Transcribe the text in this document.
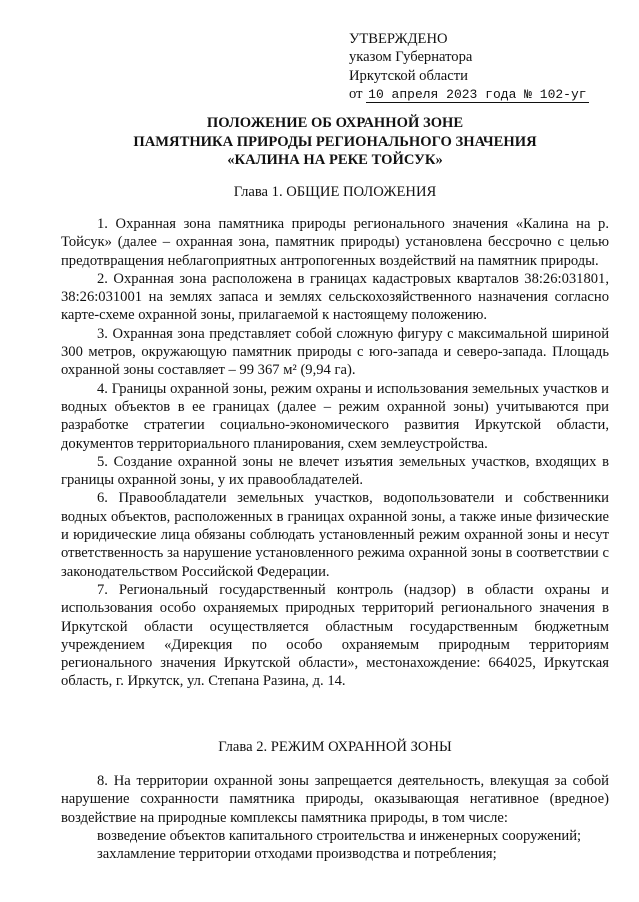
УТВЕРЖДЕНО
указом Губернатора
Иркутской области
от 10 апреля 2023 года № 102-уг
ПОЛОЖЕНИЕ ОБ ОХРАННОЙ ЗОНЕ
ПАМЯТНИКА ПРИРОДЫ РЕГИОНАЛЬНОГО ЗНАЧЕНИЯ
«КАЛИНА НА РЕКЕ ТОЙСУК»
Глава 1. ОБЩИЕ ПОЛОЖЕНИЯ

1. Охранная зона памятника природы регионального значения «Калина на р. Тойсук» (далее – охранная зона, памятник природы) установлена бессрочно с целью предотвращения неблагоприятных антропогенных воздействий на памятник природы.

2. Охранная зона расположена в границах кадастровых кварталов 38:26:031801, 38:26:031001 на землях запаса и землях сельскохозяйственного назначения согласно карте-схеме охранной зоны, прилагаемой к настоящему положению.

3. Охранная зона представляет собой сложную фигуру с максимальной шириной 300 метров, окружающую памятник природы с юго-запада и северо-запада. Площадь охранной зоны составляет – 99 367 м² (9,94 га).

4. Границы охранной зоны, режим охраны и использования земельных участков и водных объектов в ее границах (далее – режим охранной зоны) учитываются при разработке стратегии социально-экономического развития Иркутской области, документов территориального планирования, схем землеустройства.

5. Создание охранной зоны не влечет изъятия земельных участков, входящих в границы охранной зоны, у их правообладателей.

6. Правообладатели земельных участков, водопользователи и собственники водных объектов, расположенных в границах охранной зоны, а также иные физические и юридические лица обязаны соблюдать установленный режим охранной зоны и несут ответственность за нарушение установленного режима охранной зоны в соответствии с законодательством Российской Федерации.

7. Региональный государственный контроль (надзор) в области охраны и использования особо охраняемых природных территорий регионального значения в Иркутской области осуществляется областным государственным бюджетным учреждением «Дирекция по особо охраняемым природным территориям регионального значения Иркутской области», местонахождение: 664025, Иркутская область, г. Иркутск, ул. Степана Разина, д. 14.

Глава 2. РЕЖИМ ОХРАННОЙ ЗОНЫ

8. На территории охранной зоны запрещается деятельность, влекущая за собой нарушение сохранности памятника природы, оказывающая негативное (вредное) воздействие на природные комплексы памятника природы, в том числе:

возведение объектов капитального строительства и инженерных сооружений;

захламление территории отходами производства и потребления;
